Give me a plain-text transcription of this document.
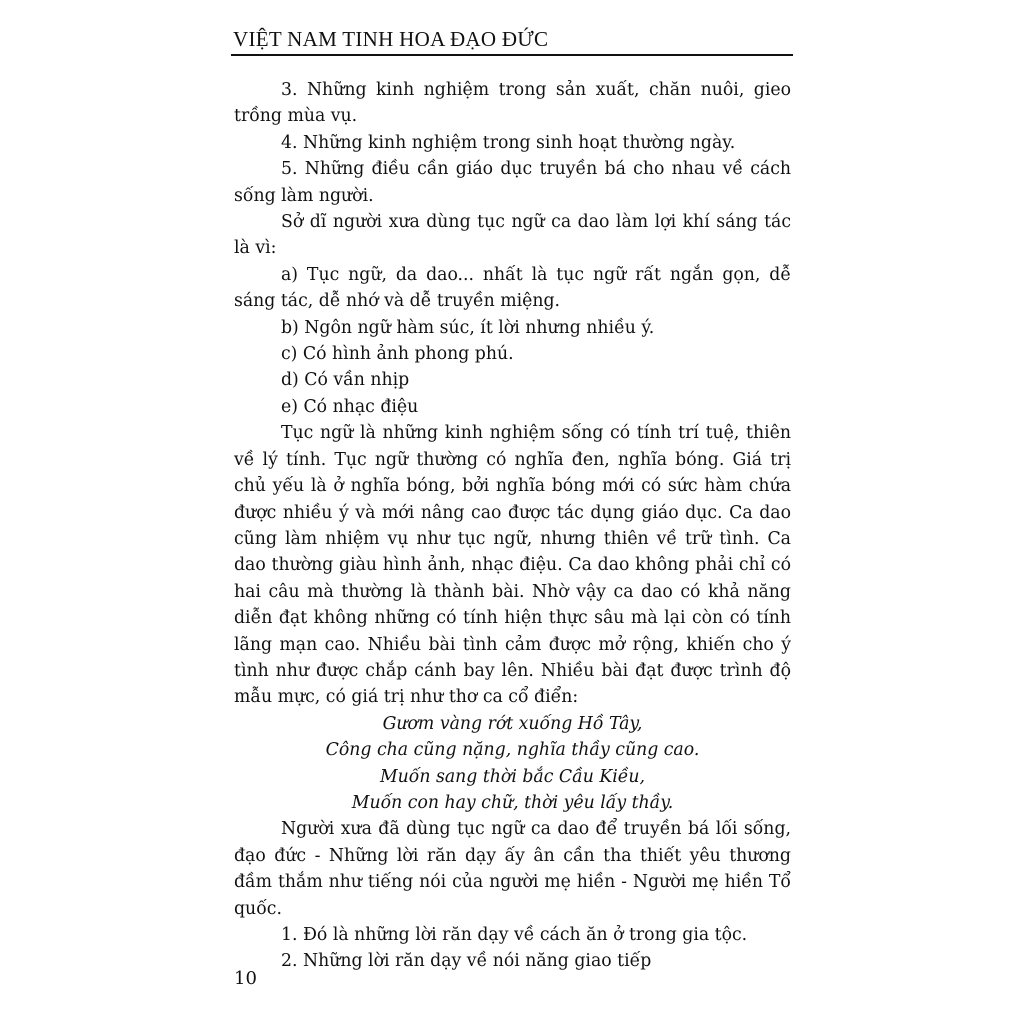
VIỆT NAM TINH HOA ĐẠO ĐỨC

3. Những kinh nghiệm trong sản xuất, chăn nuôi, gieo trồng mùa vụ.

4. Những kinh nghiệm trong sinh hoạt thường ngày.

5. Những điều cần giáo dục truyền bá cho nhau về cách sống làm người.

Sở dĩ người xưa dùng tục ngữ ca dao làm lợi khí sáng tác là vì:

a) Tục ngữ, da dao... nhất là tục ngữ rất ngắn gọn, dễ sáng tác, dễ nhớ và dễ truyền miệng.

b) Ngôn ngữ hàm súc, ít lời nhưng nhiều ý.

c) Có hình ảnh phong phú.

d) Có vần nhịp

e) Có nhạc điệu

Tục ngữ là những kinh nghiệm sống có tính trí tuệ, thiên về lý tính. Tục ngữ thường có nghĩa đen, nghĩa bóng. Giá trị chủ yếu là ở nghĩa bóng, bởi nghĩa bóng mới có sức hàm chứa được nhiều ý và mới nâng cao được tác dụng giáo dục. Ca dao cũng làm nhiệm vụ như tục ngữ, nhưng thiên về trữ tình. Ca dao thường giàu hình ảnh, nhạc điệu. Ca dao không phải chỉ có hai câu mà thường là thành bài. Nhờ vậy ca dao có khả năng diễn đạt không những có tính hiện thực sâu mà lại còn có tính lãng mạn cao. Nhiều bài tình cảm được mở rộng, khiến cho ý tình như được chắp cánh bay lên. Nhiều bài đạt được trình độ mẫu mực, có giá trị như thơ ca cổ điển:

Gươm vàng rớt xuống Hồ Tây,
Công cha cũng nặng, nghĩa thầy cũng cao.
Muốn sang thời bắc Cầu Kiều,
Muốn con hay chữ, thời yêu lấy thầy.

Người xưa đã dùng tục ngữ ca dao để truyền bá lối sống, đạo đức - Những lời răn dạy ấy ân cần tha thiết yêu thương đầm thắm như tiếng nói của người mẹ hiền - Người mẹ hiền Tổ quốc.

1. Đó là những lời răn dạy về cách ăn ở trong gia tộc.

2. Những lời răn dạy về nói năng giao tiếp

10
